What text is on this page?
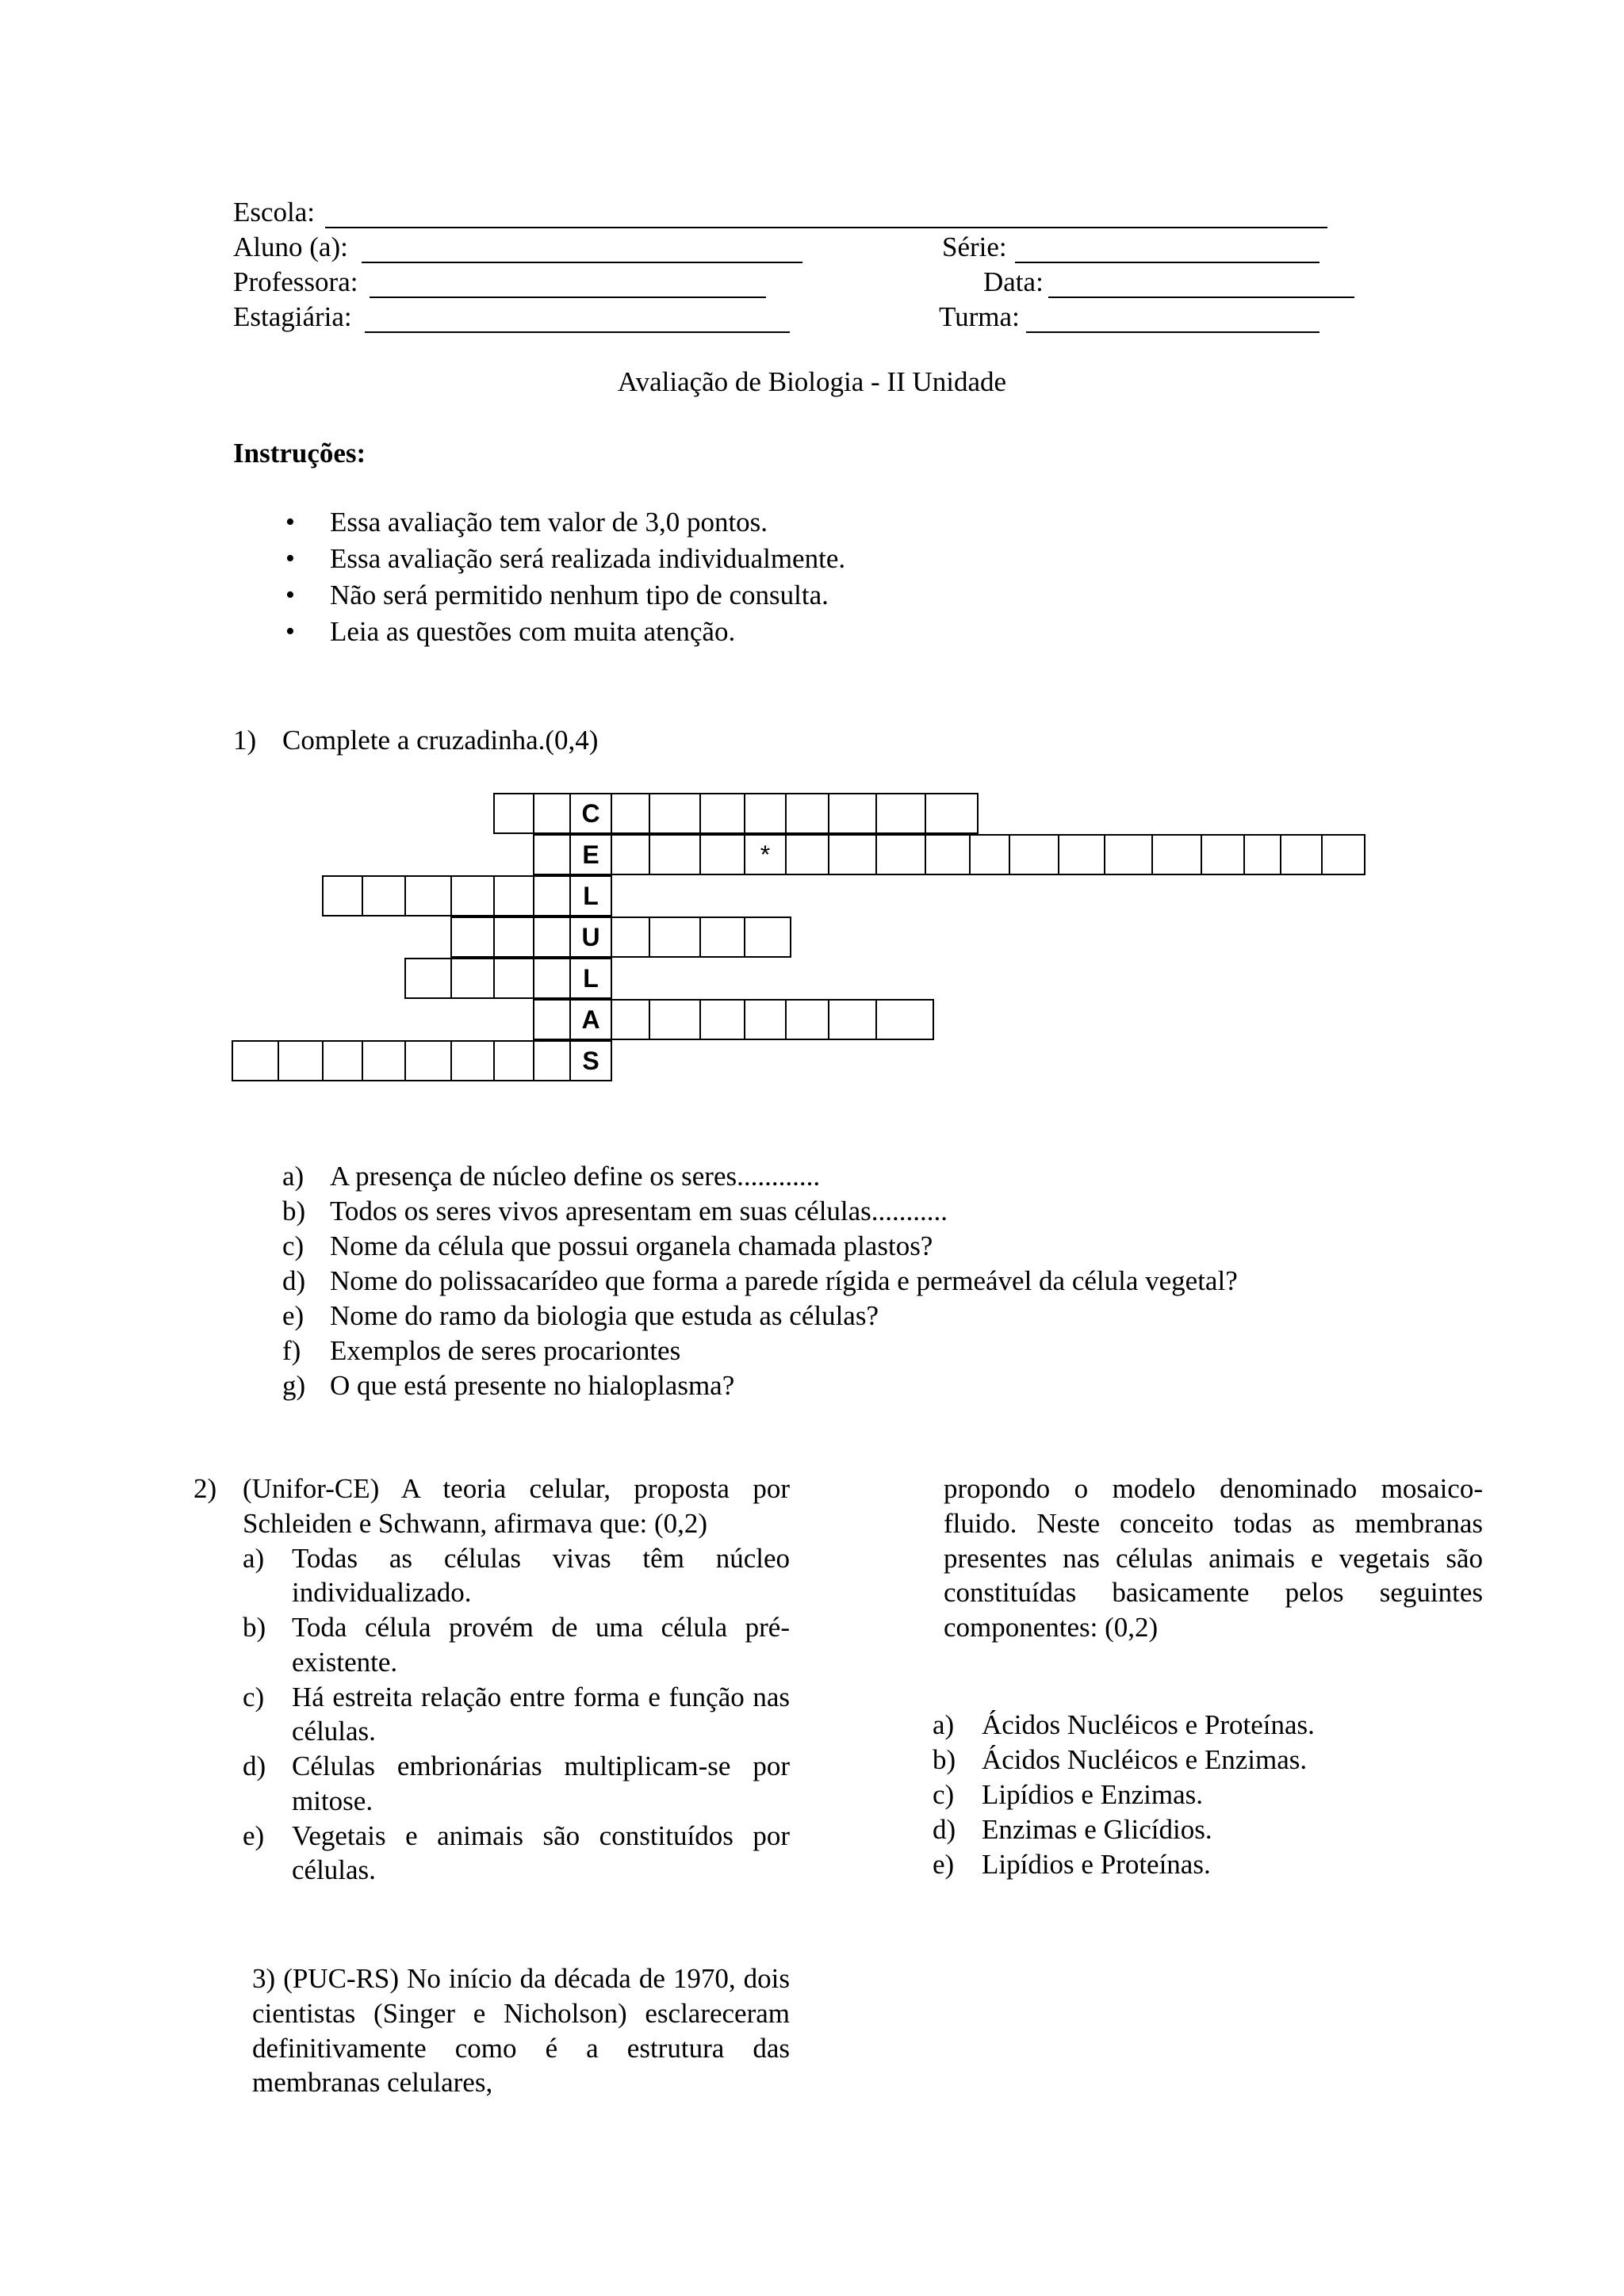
Escola:
Aluno (a):	Série:
Professora:	Data:
Estagiária:	Turma:
Avaliação de Biologia - II Unidade
Instruções:
• Essa avaliação tem valor de 3,0 pontos.
• Essa avaliação será realizada individualmente.
• Não será permitido nenhum tipo de consulta.
• Leia as questões com muita atenção.
1) Complete a cruzadinha.(0,4)
C
E	*
L
U
L
A
S
a) A presença de núcleo define os seres............
b) Todos os seres vivos apresentam em suas células...........
c) Nome da célula que possui organela chamada plastos?
d) Nome do polissacarídeo que forma a parede rígida e permeável da célula vegetal?
e) Nome do ramo da biologia que estuda as células?
f) Exemplos de seres procariontes
g) O que está presente no hialoplasma?
2) (Unifor-CE) A teoria celular, proposta por Schleiden e Schwann, afirmava que: (0,2)

a) Todas as células vivas têm núcleo individualizado.
b) Toda célula provém de uma célula pré-existente.
c) Há estreita relação entre forma e função nas células.
d) Células embrionárias multiplicam-se por mitose.
e) Vegetais e animais são constituídos por células.

3) (PUC-RS) No início da década de 1970, dois cientistas (Singer e Nicholson) esclareceram definitivamente como é a estrutura das membranas celulares,

propondo o modelo denominado mosaico-fluido. Neste conceito todas as membranas presentes nas células animais e vegetais são constituídas basicamente pelos seguintes componentes: (0,2)

a) Ácidos Nucléicos e Proteínas.
b) Ácidos Nucléicos e Enzimas.
c) Lipídios e Enzimas.
d) Enzimas e Glicídios.
e) Lipídios e Proteínas.
